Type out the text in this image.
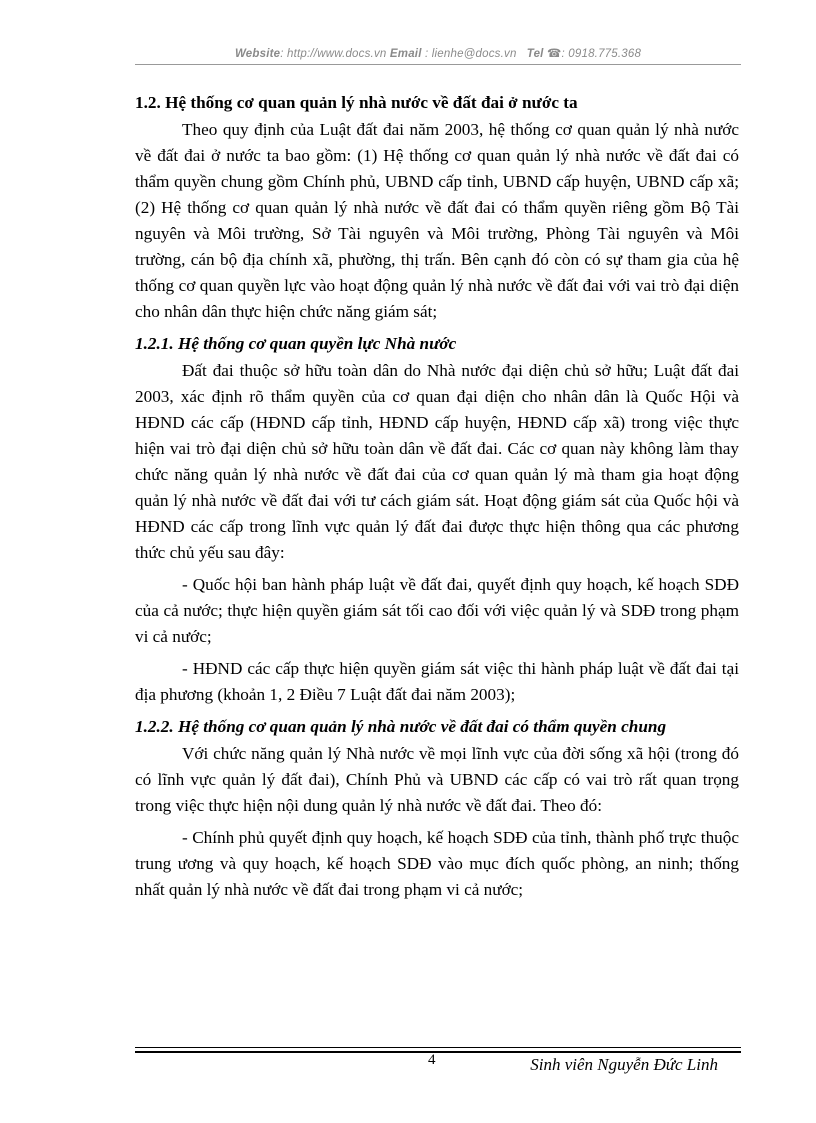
Website: http://www.docs.vn Email : lienhe@docs.vn Tel ☎: 0918.775.368
1.2. Hệ thống cơ quan quản lý nhà nước về đất đai ở nước ta

Theo quy định của Luật đất đai năm 2003, hệ thống cơ quan quản lý nhà nước về đất đai ở nước ta bao gồm: (1) Hệ thống cơ quan quản lý nhà nước về đất đai có thẩm quyền chung gồm Chính phủ, UBND cấp tỉnh, UBND cấp huyện, UBND cấp xã; (2) Hệ thống cơ quan quản lý nhà nước về đất đai có thẩm quyền riêng gồm Bộ Tài nguyên và Môi trường, Sở Tài nguyên và Môi trường, Phòng Tài nguyên và Môi trường, cán bộ địa chính xã, phường, thị trấn. Bên cạnh đó còn có sự tham gia của hệ thống cơ quan quyền lực vào hoạt động quản lý nhà nước về đất đai với vai trò đại diện cho nhân dân thực hiện chức năng giám sát;

1.2.1. Hệ thống cơ quan quyền lực Nhà nước

Đất đai thuộc sở hữu toàn dân do Nhà nước đại diện chủ sở hữu; Luật đất đai 2003, xác định rõ thẩm quyền của cơ quan đại diện cho nhân dân là Quốc Hội và HĐND các cấp (HĐND cấp tỉnh, HĐND cấp huyện, HĐND cấp xã) trong việc thực hiện vai trò đại diện chủ sở hữu toàn dân về đất đai. Các cơ quan này không làm thay chức năng quản lý nhà nước về đất đai của cơ quan quản lý mà tham gia hoạt động quản lý nhà nước về đất đai với tư cách giám sát. Hoạt động giám sát của Quốc hội và HĐND các cấp trong lĩnh vực quản lý đất đai được thực hiện thông qua các phương thức chủ yếu sau đây:

- Quốc hội ban hành pháp luật về đất đai, quyết định quy hoạch, kế hoạch SDĐ của cả nước; thực hiện quyền giám sát tối cao đối với việc quản lý và SDĐ trong phạm vi cả nước;

- HĐND các cấp thực hiện quyền giám sát việc thi hành pháp luật về đất đai tại địa phương (khoản 1, 2 Điều 7 Luật đất đai năm 2003);

1.2.2. Hệ thống cơ quan quản lý nhà nước về đất đai có thẩm quyền chung

Với chức năng quản lý Nhà nước về mọi lĩnh vực của đời sống xã hội (trong đó có lĩnh vực quản lý đất đai), Chính Phủ và UBND các cấp có vai trò rất quan trọng trong việc thực hiện nội dung quản lý nhà nước về đất đai. Theo đó:

- Chính phủ quyết định quy hoạch, kế hoạch SDĐ của tỉnh, thành phố trực thuộc trung ương và quy hoạch, kế hoạch SDĐ vào mục đích quốc phòng, an ninh; thống nhất quản lý nhà nước về đất đai trong phạm vi cả nước;

4	Sinh viên Nguyễn Đức Linh
